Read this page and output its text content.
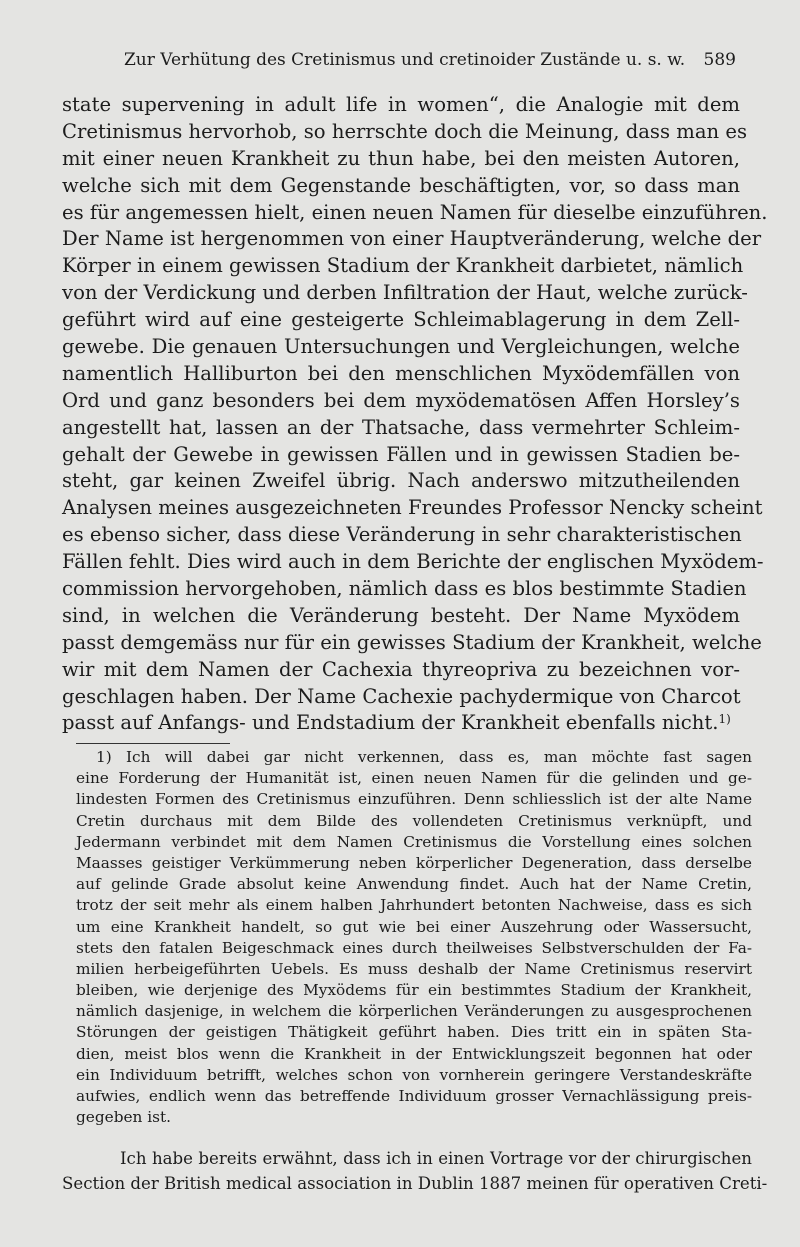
Zur Verhütung des Cretinismus und cretinoider Zustände u. s. w. 589
state supervening in adult life in women“, die Analogie mit dem
Cretinismus hervorhob, so herrschte doch die Meinung, dass man es
mit einer neuen Krankheit zu thun habe, bei den meisten Autoren,
welche sich mit dem Gegenstande beschäftigten, vor, so dass man
es für angemessen hielt, einen neuen Namen für dieselbe einzuführen.
Der Name ist hergenommen von einer Hauptveränderung, welche der
Körper in einem gewissen Stadium der Krankheit darbietet, nämlich
von der Verdickung und derben Infiltration der Haut, welche zurück-
geführt wird auf eine gesteigerte Schleimablagerung in dem Zell-
gewebe. Die genauen Untersuchungen und Vergleichungen, welche
namentlich Halliburton bei den menschlichen Myxödemfällen von
Ord und ganz besonders bei dem myxödematösen Affen Horsley’s
angestellt hat, lassen an der Thatsache, dass vermehrter Schleim-
gehalt der Gewebe in gewissen Fällen und in gewissen Stadien be-
steht, gar keinen Zweifel übrig. Nach anderswo mitzutheilenden
Analysen meines ausgezeichneten Freundes Professor Nencky scheint
es ebenso sicher, dass diese Veränderung in sehr charakteristischen
Fällen fehlt. Dies wird auch in dem Berichte der englischen Myxödem-
commission hervorgehoben, nämlich dass es blos bestimmte Stadien
sind, in welchen die Veränderung besteht. Der Name Myxödem
passt demgemäss nur für ein gewisses Stadium der Krankheit, welche
wir mit dem Namen der Cachexia thyreopriva zu bezeichnen vor-
geschlagen haben. Der Name Cachexie pachydermique von Charcot
passt auf Anfangs- und Endstadium der Krankheit ebenfalls nicht.$^{1)}$
1) Ich will dabei gar nicht verkennen, dass es, man möchte fast sagen
eine Forderung der Humanität ist, einen neuen Namen für die gelinden und ge-
lindesten Formen des Cretinismus einzuführen. Denn schliesslich ist der alte Name
Cretin durchaus mit dem Bilde des vollendeten Cretinismus verknüpft, und
Jedermann verbindet mit dem Namen Cretinismus die Vorstellung eines solchen
Maasses geistiger Verkümmerung neben körperlicher Degeneration, dass derselbe
auf gelinde Grade absolut keine Anwendung findet. Auch hat der Name Cretin,
trotz der seit mehr als einem halben Jahrhundert betonten Nachweise, dass es sich
um eine Krankheit handelt, so gut wie bei einer Auszehrung oder Wassersucht,
stets den fatalen Beigeschmack eines durch theilweises Selbstverschulden der Fa-
milien herbeigeführten Uebels. Es muss deshalb der Name Cretinismus reservirt
bleiben, wie derjenige des Myxödems für ein bestimmtes Stadium der Krankheit,
nämlich dasjenige, in welchem die körperlichen Veränderungen zu ausgesprochenen
Störungen der geistigen Thätigkeit geführt haben. Dies tritt ein in späten Sta-
dien, meist blos wenn die Krankheit in der Entwicklungszeit begonnen hat oder
ein Individuum betrifft, welches schon von vornherein geringere Verstandeskräfte
aufwies, endlich wenn das betreffende Individuum grosser Vernachlässigung preis-
gegeben ist.
Ich habe bereits erwähnt, dass ich in einen Vortrage vor der chirurgischen
Section der British medical association in Dublin 1887 meinen für operativen Creti-
